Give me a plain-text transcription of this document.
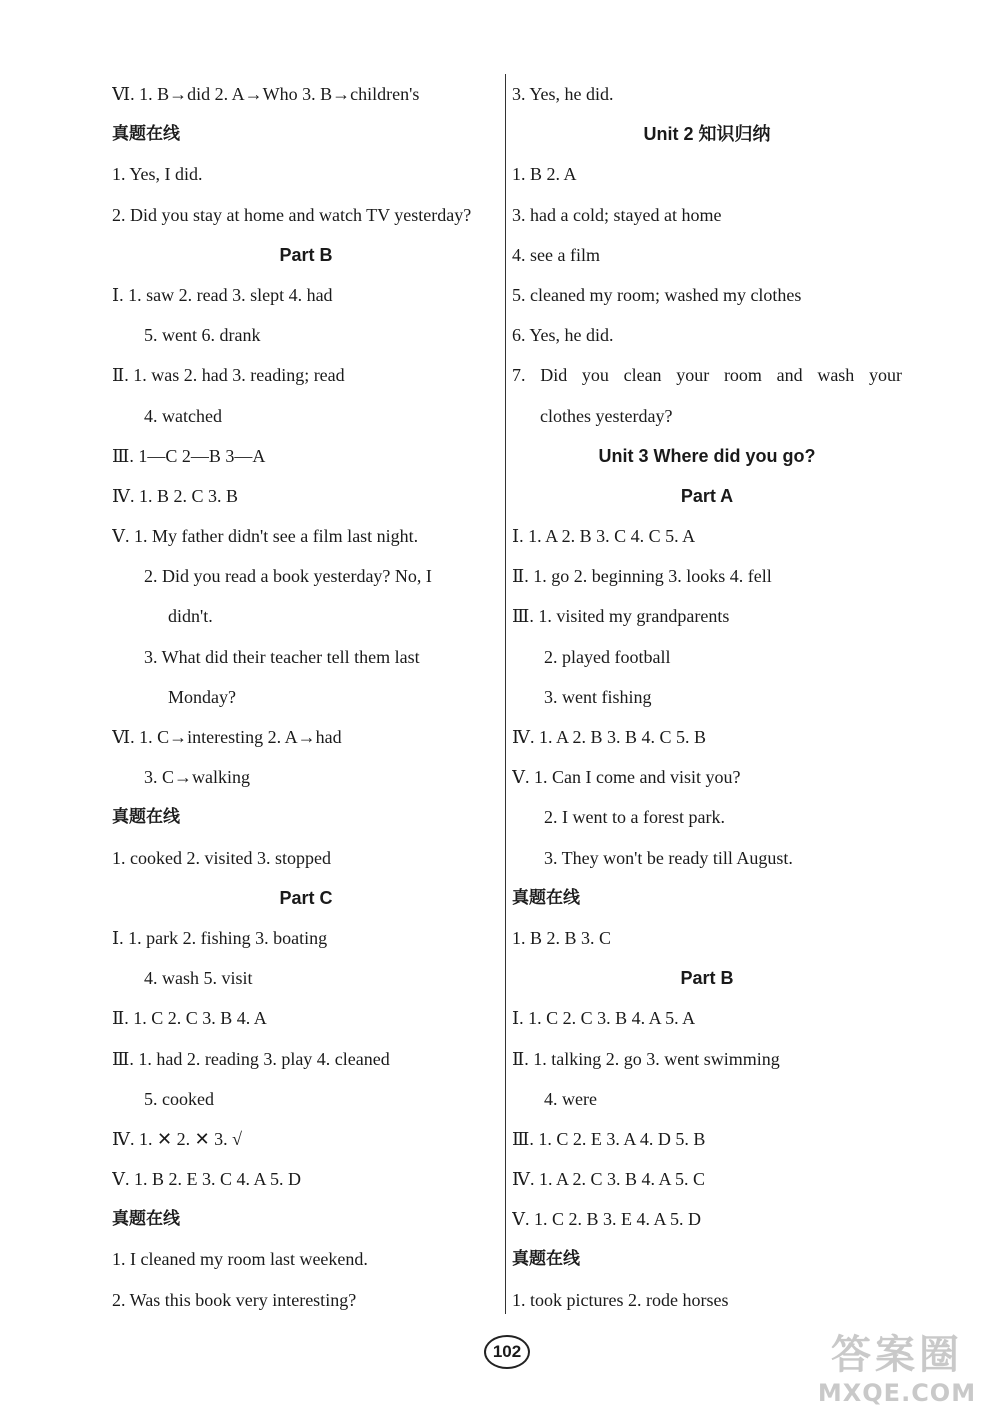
Ⅵ. 1. B→did 2. A→Who 3. B→children's
真题在线
1. Yes, I did.
2. Did you stay at home and watch TV yesterday?
Part B
Ⅰ. 1. saw 2. read 3. slept 4. had
5. went 6. drank
Ⅱ. 1. was 2. had 3. reading; read
4. watched
Ⅲ. 1—C 2—B 3—A
Ⅳ. 1. B 2. C 3. B
Ⅴ. 1. My father didn't see a film last night.
2. Did you read a book yesterday? No, I
didn't.
3. What did their teacher tell them last
Monday?
Ⅵ. 1. C→interesting 2. A→had
3. C→walking
真题在线
1. cooked 2. visited 3. stopped
Part C
Ⅰ. 1. park 2. fishing 3. boating
4. wash 5. visit
Ⅱ. 1. C 2. C 3. B 4. A
Ⅲ. 1. had 2. reading 3. play 4. cleaned
5. cooked
Ⅳ. 1. ✕ 2. ✕ 3. √
Ⅴ. 1. B 2. E 3. C 4. A 5. D
真题在线
1. I cleaned my room last weekend.
2. Was this book very interesting?
3. Yes, he did.
Unit 2 知识归纳
1. B 2. A
3. had a cold; stayed at home
4. see a film
5. cleaned my room; washed my clothes
6. Yes, he did.
7. Did you clean your room and wash your
clothes yesterday?
Unit 3 Where did you go?
Part A
Ⅰ. 1. A 2. B 3. C 4. C 5. A
Ⅱ. 1. go 2. beginning 3. looks 4. fell
Ⅲ. 1. visited my grandparents
2. played football
3. went fishing
Ⅳ. 1. A 2. B 3. B 4. C 5. B
Ⅴ. 1. Can I come and visit you?
2. I went to a forest park.
3. They won't be ready till August.
真题在线
1. B 2. B 3. C
Part B
Ⅰ. 1. C 2. C 3. B 4. A 5. A
Ⅱ. 1. talking 2. go 3. went swimming
4. were
Ⅲ. 1. C 2. E 3. A 4. D 5. B
Ⅳ. 1. A 2. C 3. B 4. A 5. C
Ⅴ. 1. C 2. B 3. E 4. A 5. D
真题在线
1. took pictures 2. rode horses
102	答案圈
MXQE.COM
